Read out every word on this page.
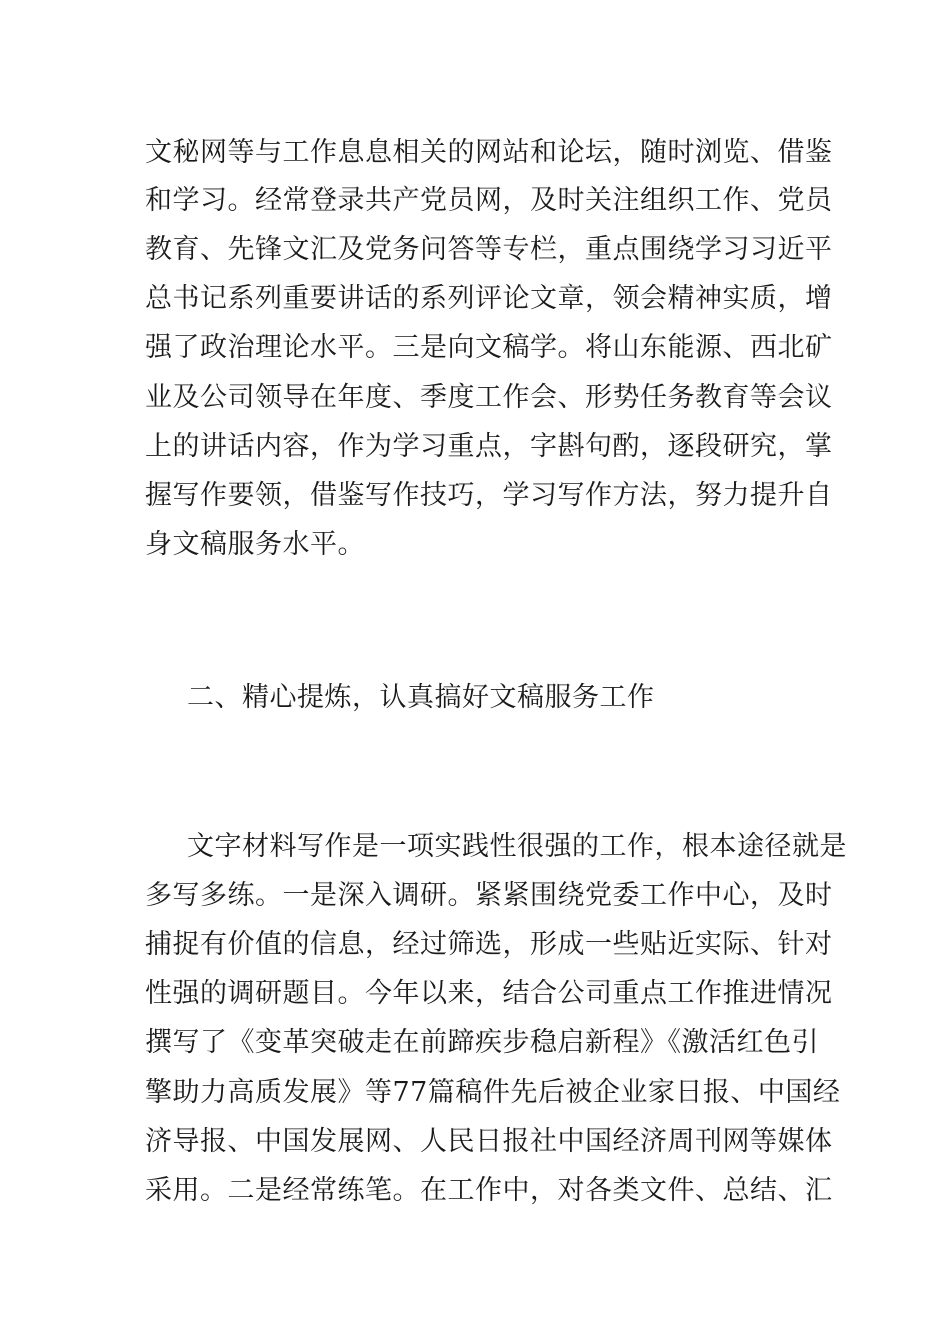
文秘网等与工作息息相关的网站和论坛，随时浏览、借鉴
和学习。经常登录共产党员网，及时关注组织工作、党员
教育、先锋文汇及党务问答等专栏，重点围绕学习习近平
总书记系列重要讲话的系列评论文章，领会精神实质，增
强了政治理论水平。三是向文稿学。将山东能源、西北矿
业及公司领导在年度、季度工作会、形势任务教育等会议
上的讲话内容，作为学习重点，字斟句酌，逐段研究，掌
握写作要领，借鉴写作技巧，学习写作方法，努力提升自
身文稿服务水平。
二、精心提炼，认真搞好文稿服务工作
文字材料写作是一项实践性很强的工作，根本途径就是
多写多练。一是深入调研。紧紧围绕党委工作中心，及时
捕捉有价值的信息，经过筛选，形成一些贴近实际、针对
性强的调研题目。今年以来，结合公司重点工作推进情况
撰写了《变革突破走在前蹄疾步稳启新程》《激活红色引
擎助力高质发展》等77篇稿件先后被企业家日报、中国经
济导报、中国发展网、人民日报社中国经济周刊网等媒体
采用。二是经常练笔。在工作中，对各类文件、总结、汇
